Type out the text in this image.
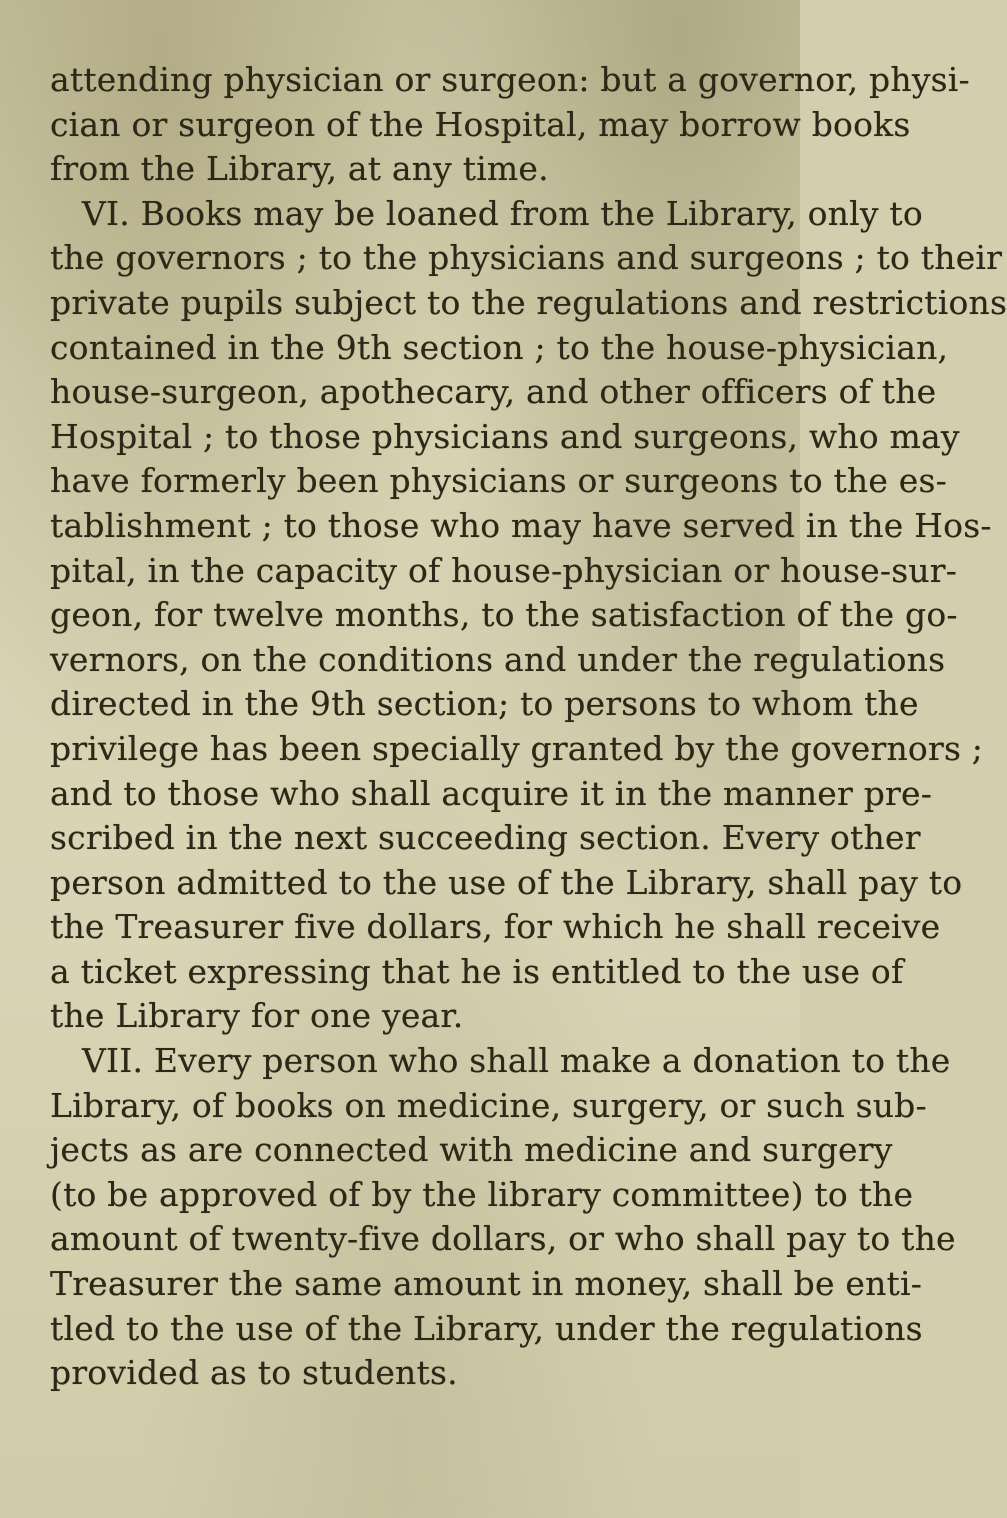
attending physician or surgeon: but a governor, physi-
cian or surgeon of the Hospital, may borrow books
from the Library, at any time.
VI. Books may be loaned from the Library, only to
the governors ; to the physicians and surgeons ; to their
private pupils subject to the regulations and restrictions
contained in the 9th section ; to the house-physician,
house-surgeon, apothecary, and other officers of the
Hospital ; to those physicians and surgeons, who may
have formerly been physicians or surgeons to the es-
tablishment ; to those who may have served in the Hos-
pital, in the capacity of house-physician or house-sur-
geon, for twelve months, to the satisfaction of the go-
vernors, on the conditions and under the regulations
directed in the 9th section; to persons to whom the
privilege has been specially granted by the governors ;
and to those who shall acquire it in the manner pre-
scribed in the next succeeding section. Every other
person admitted to the use of the Library, shall pay to
the Treasurer five dollars, for which he shall receive
a ticket expressing that he is entitled to the use of
the Library for one year.
VII. Every person who shall make a donation to the
Library, of books on medicine, surgery, or such sub-
jects as are connected with medicine and surgery
(to be approved of by the library committee) to the
amount of twenty-five dollars, or who shall pay to the
Treasurer the same amount in money, shall be enti-
tled to the use of the Library, under the regulations
provided as to students.
